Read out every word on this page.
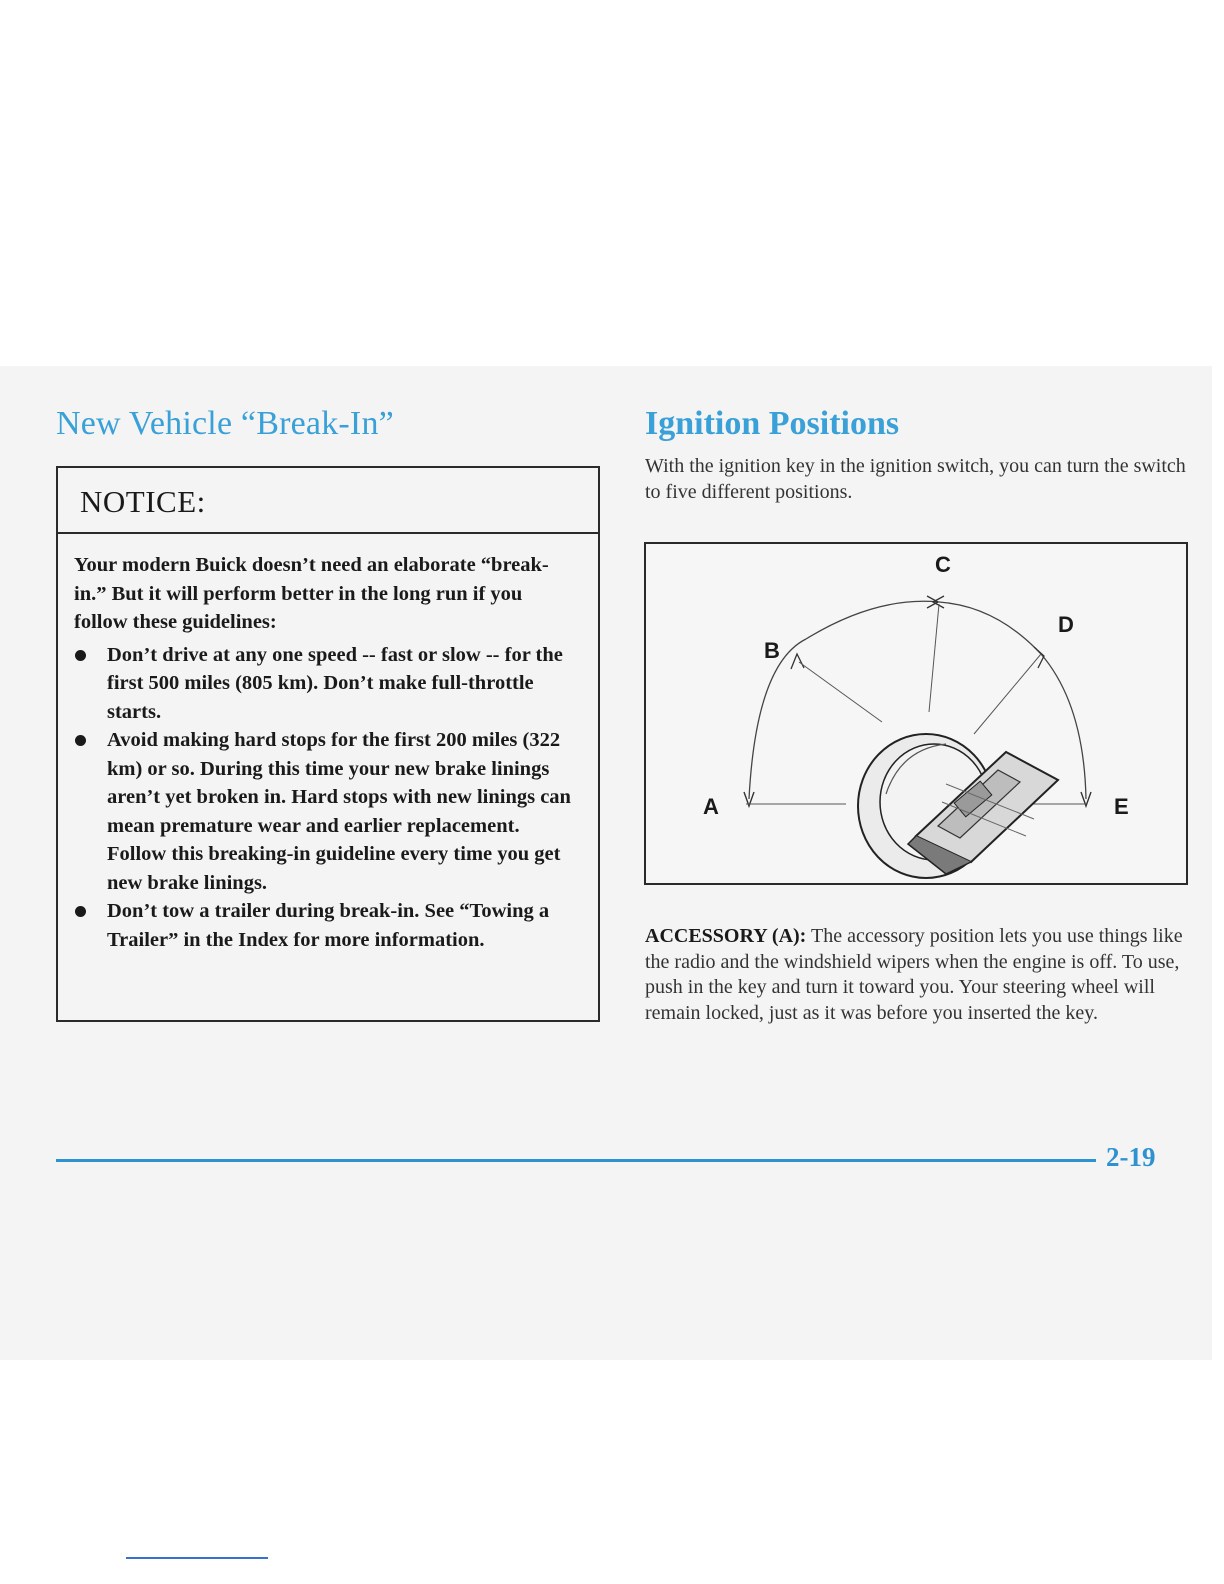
New Vehicle “Break-In”
NOTICE:

Your modern Buick doesn’t need an elaborate “break-in.” But it will perform better in the long run if you follow these guidelines:

Don’t drive at any one speed -- fast or slow -- for the first 500 miles (805 km). Don’t make full-throttle starts.
Avoid making hard stops for the first 200 miles (322 km) or so. During this time your new brake linings aren’t yet broken in. Hard stops with new linings can mean premature wear and earlier replacement. Follow this breaking-in guideline every time you get new brake linings.
Don’t tow a trailer during break-in. See “Towing a Trailer” in the Index for more information.
Ignition Positions
With the ignition key in the ignition switch, you can turn the switch to five different positions.
A
B
C
D
E
ACCESSORY (A): The accessory position lets you use things like the radio and the windshield wipers when the engine is off. To use, push in the key and turn it toward you. Your steering wheel will remain locked, just as it was before you inserted the key.
2-19
